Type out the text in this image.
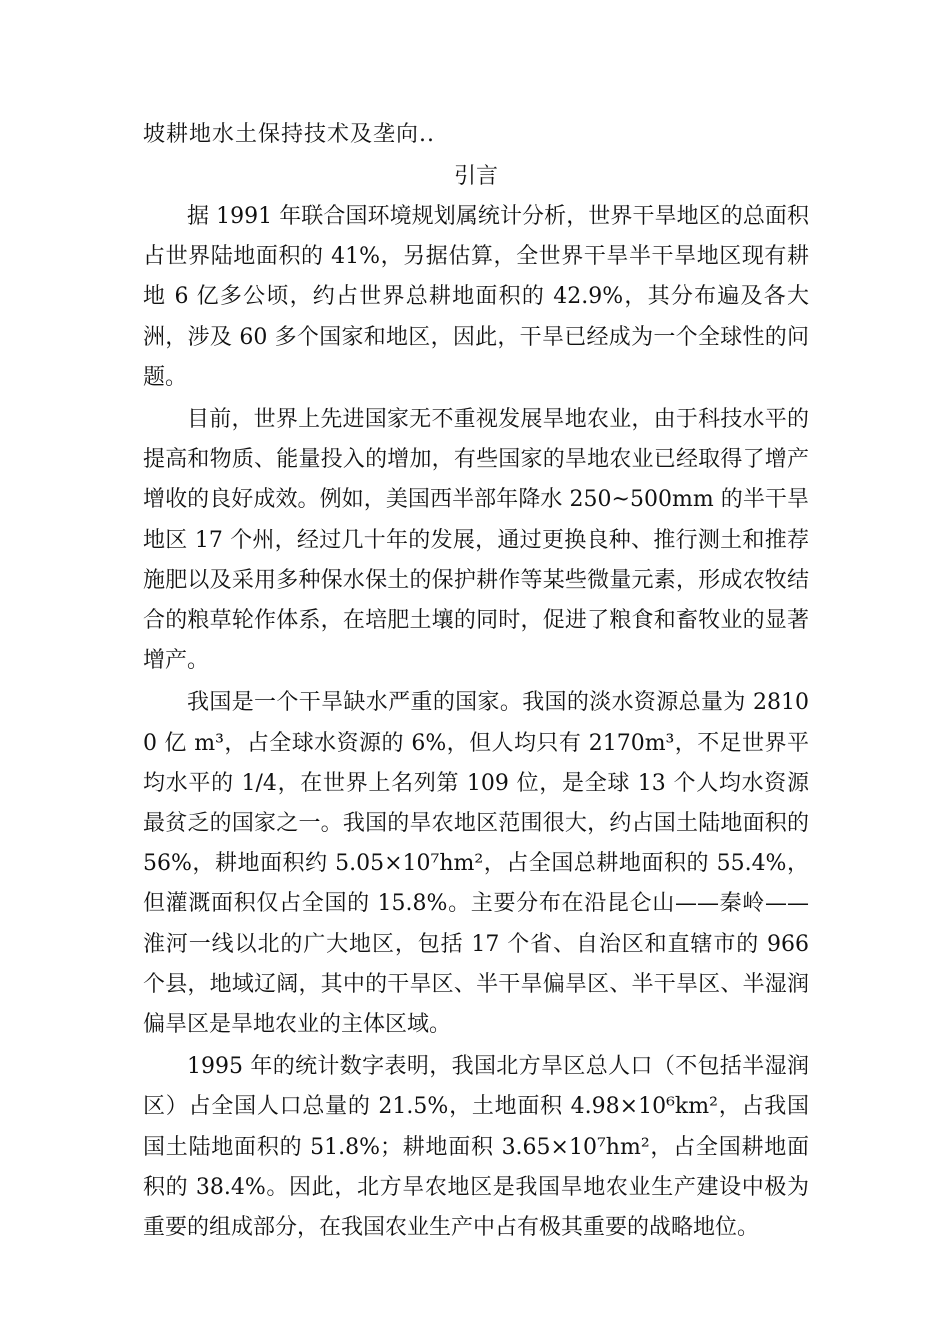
坡耕地水土保持技术及垄向..
引言

据 1991 年联合国环境规划属统计分析，世界干旱地区的总面积占世界陆地面积的 41%，另据估算，全世界干旱半干旱地区现有耕地 6 亿多公顷，约占世界总耕地面积的 42.9%，其分布遍及各大洲，涉及 60 多个国家和地区，因此，干旱已经成为一个全球性的问题。

目前，世界上先进国家无不重视发展旱地农业，由于科技水平的提高和物质、能量投入的增加，有些国家的旱地农业已经取得了增产增收的良好成效。例如，美国西半部年降水 250~500mm 的半干旱地区 17 个州，经过几十年的发展，通过更换良种、推行测土和推荐施肥以及采用多种保水保土的保护耕作等某些微量元素，形成农牧结合的粮草轮作体系，在培肥土壤的同时，促进了粮食和畜牧业的显著增产。

我国是一个干旱缺水严重的国家。我国的淡水资源总量为 28100 亿 m³，占全球水资源的 6%，但人均只有 2170m³，不足世界平均水平的 1/4，在世界上名列第 109 位，是全球 13 个人均水资源最贫乏的国家之一。我国的旱农地区范围很大，约占国土陆地面积的 56%，耕地面积约 5.05×10⁷hm²，占全国总耕地面积的 55.4%，但灌溉面积仅占全国的 15.8%。主要分布在沿昆仑山——秦岭——淮河一线以北的广大地区，包括 17 个省、自治区和直辖市的 966 个县，地域辽阔，其中的干旱区、半干旱偏旱区、半干旱区、半湿润偏旱区是旱地农业的主体区域。

1995 年的统计数字表明，我国北方旱区总人口（不包括半湿润区）占全国人口总量的 21.5%，土地面积 4.98×10⁶km²，占我国国土陆地面积的 51.8%；耕地面积 3.65×10⁷hm²，占全国耕地面积的 38.4%。因此，北方旱农地区是我国旱地农业生产建设中极为重要的组成部分，在我国农业生产中占有极其重要的战略地位。
